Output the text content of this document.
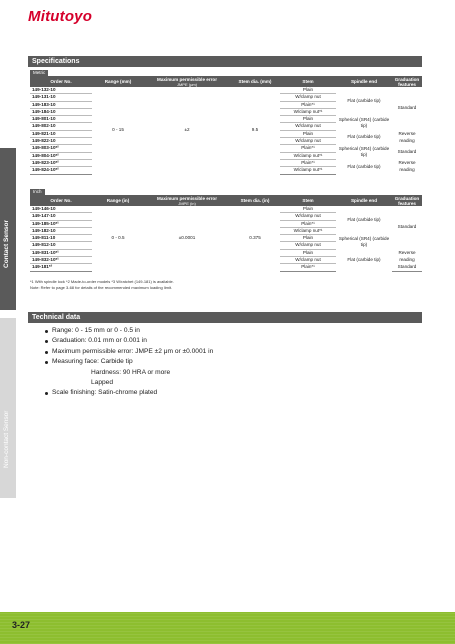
Mitutoyo
Contact Sensor
Non-contact Sensor
Specifications
Metric
Order No.	Range (mm)	Maximum permissible error
JMPE (μm)	Stem dia. (mm)	Stem	Spindle end	Graduation features
149-132-10	0 - 15	±2	9.5	Plain	Flat (carbide tip)	Standard
149-131-10				W/clamp nut		
149-183-10				Plain*¹		
149-184-10				W/clamp nut*¹		
149-801-10				Plain	Spherical (SR4) (carbide tip)	
149-802-10				W/clamp nut		
149-821-10				Plain	Flat (carbide tip)	Reverse reading
149-822-10				W/clamp nut		
149-803-10*²				Plain*¹	Spherical (SR4) (carbide tip)	Standard
149-804-10*²				W/clamp nut*¹		
149-823-10*²				Plain*¹	Flat (carbide tip)	Reverse reading
149-824-10*²				W/clamp nut*¹		
Inch
Order No.	Range (in)	Maximum permissible error
JMPE (in)	Stem dia. (in)	Stem	Spindle end	Graduation features
149-146-10	0 - 0.5	±0.0001	0.375	Plain	Flat (carbide tip)	Standard
149-147-10				W/clamp nut		
149-185-10*¹				Plain*¹		
149-182-10				W/clamp nut*¹		
149-811-10				Plain	Spherical (SR4) (carbide tip)	
149-812-10				W/clamp nut		
149-831-10*¹				Plain	Flat (carbide tip)	Reverse reading
149-832-10*¹				W/clamp nut		
149-181*³				Plain*¹		Standard
*1 With spindle lock *2 Made-to-order models *3 W/ratchet (149-181) is available.
Note: Refer to page 3-68 for details of the recommended maximum loading limit.
Technical data
Range: 0 - 15 mm or 0 - 0.5 in
Graduation: 0.01 mm or 0.001 in
Maximum permissible error: JMPE ±2 μm or ±0.0001 in
Measuring face: Carbide tip
Hardness: 90 HRA or more
Lapped
Scale finishing: Satin-chrome plated
3-27
